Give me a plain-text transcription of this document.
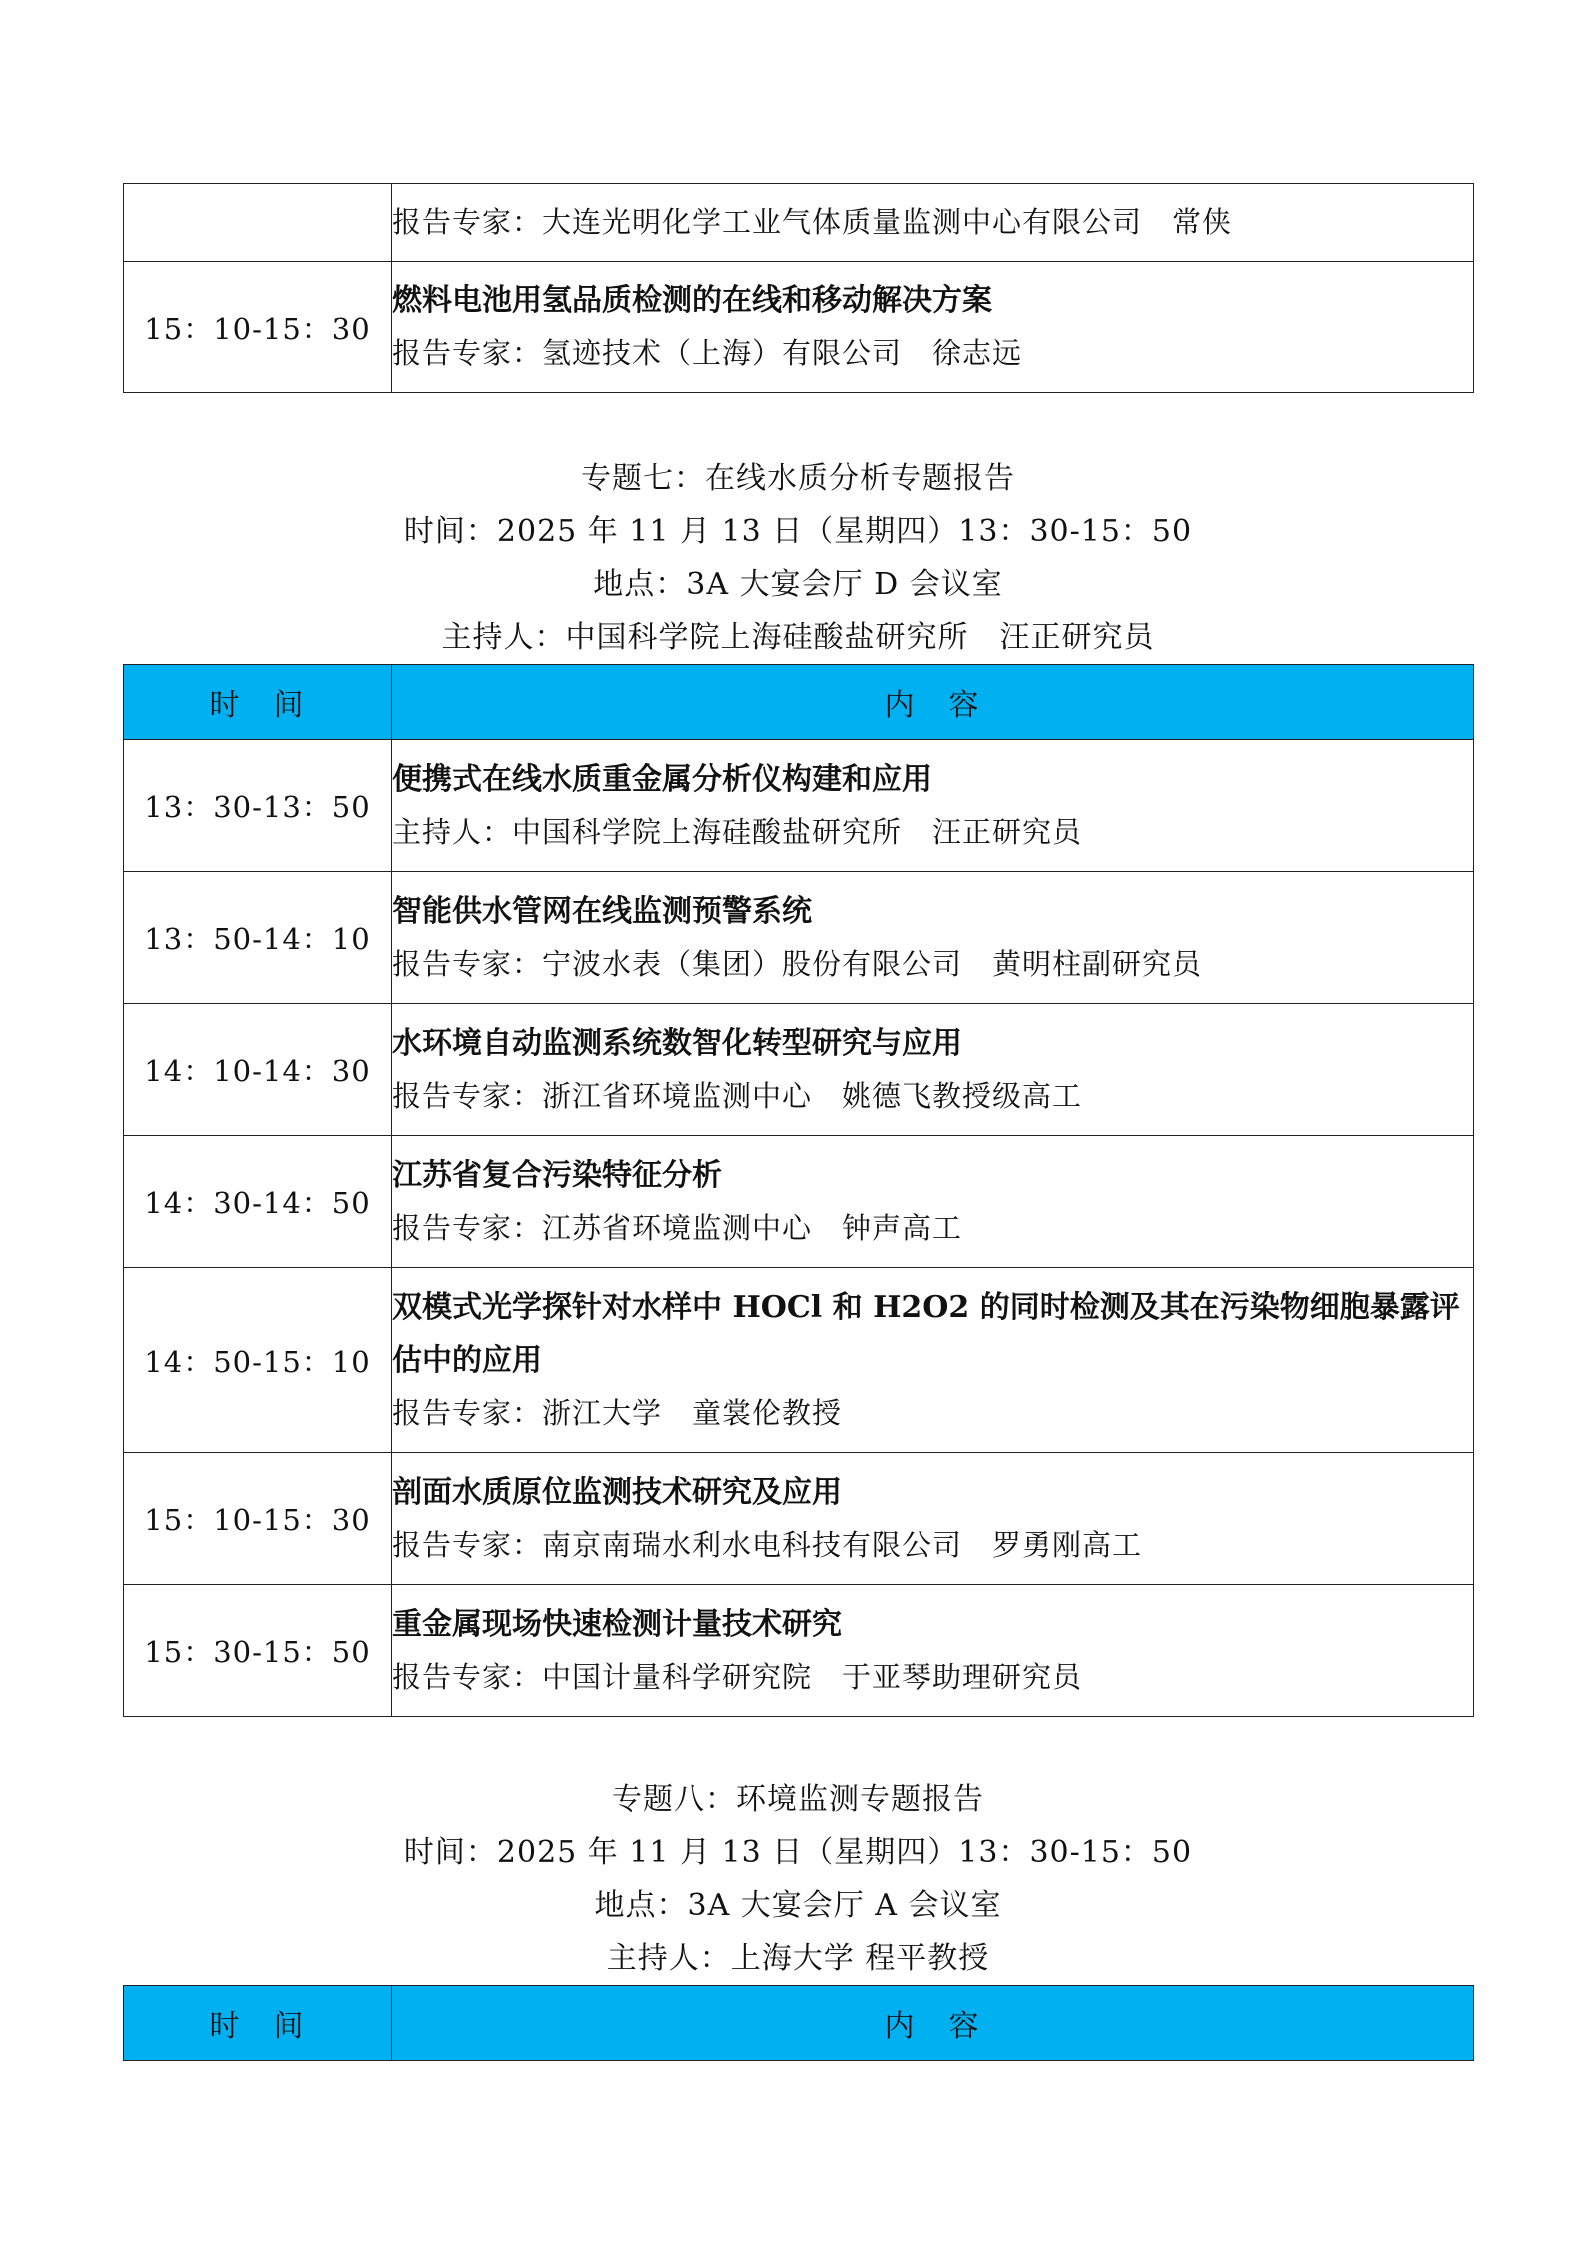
	报告专家：大连光明化学工业气体质量监测中心有限公司　常侠

15：10-15：30	燃料电池用氢品质检测的在线和移动解决方案
报告专家：氢迹技术（上海）有限公司　徐志远
专题七：在线水质分析专题报告
时间：2025 年 11 月 13 日（星期四）13：30-15：50
地点：3A 大宴会厅 D 会议室
主持人：中国科学院上海硅酸盐研究所　汪正研究员
时　间	内　容
13：30-13：50	便携式在线水质重金属分析仪构建和应用
主持人：中国科学院上海硅酸盐研究所　汪正研究员

13：50-14：10	智能供水管网在线监测预警系统
报告专家：宁波水表（集团）股份有限公司　黄明柱副研究员

14：10-14：30	水环境自动监测系统数智化转型研究与应用
报告专家：浙江省环境监测中心　姚德飞教授级高工

14：30-14：50	江苏省复合污染特征分析
报告专家：江苏省环境监测中心　钟声高工

14：50-15：10	双模式光学探针对水样中 HOCl 和 H2O2 的同时检测及其在污染物细胞暴露评估中的应用
报告专家：浙江大学　童裳伦教授

15：10-15：30	剖面水质原位监测技术研究及应用
报告专家：南京南瑞水利水电科技有限公司　罗勇刚高工

15：30-15：50	重金属现场快速检测计量技术研究
报告专家：中国计量科学研究院　于亚琴助理研究员
专题八：环境监测专题报告
时间：2025 年 11 月 13 日（星期四）13：30-15：50
地点：3A 大宴会厅 A 会议室
主持人：上海大学 程平教授
时　间	内　容
